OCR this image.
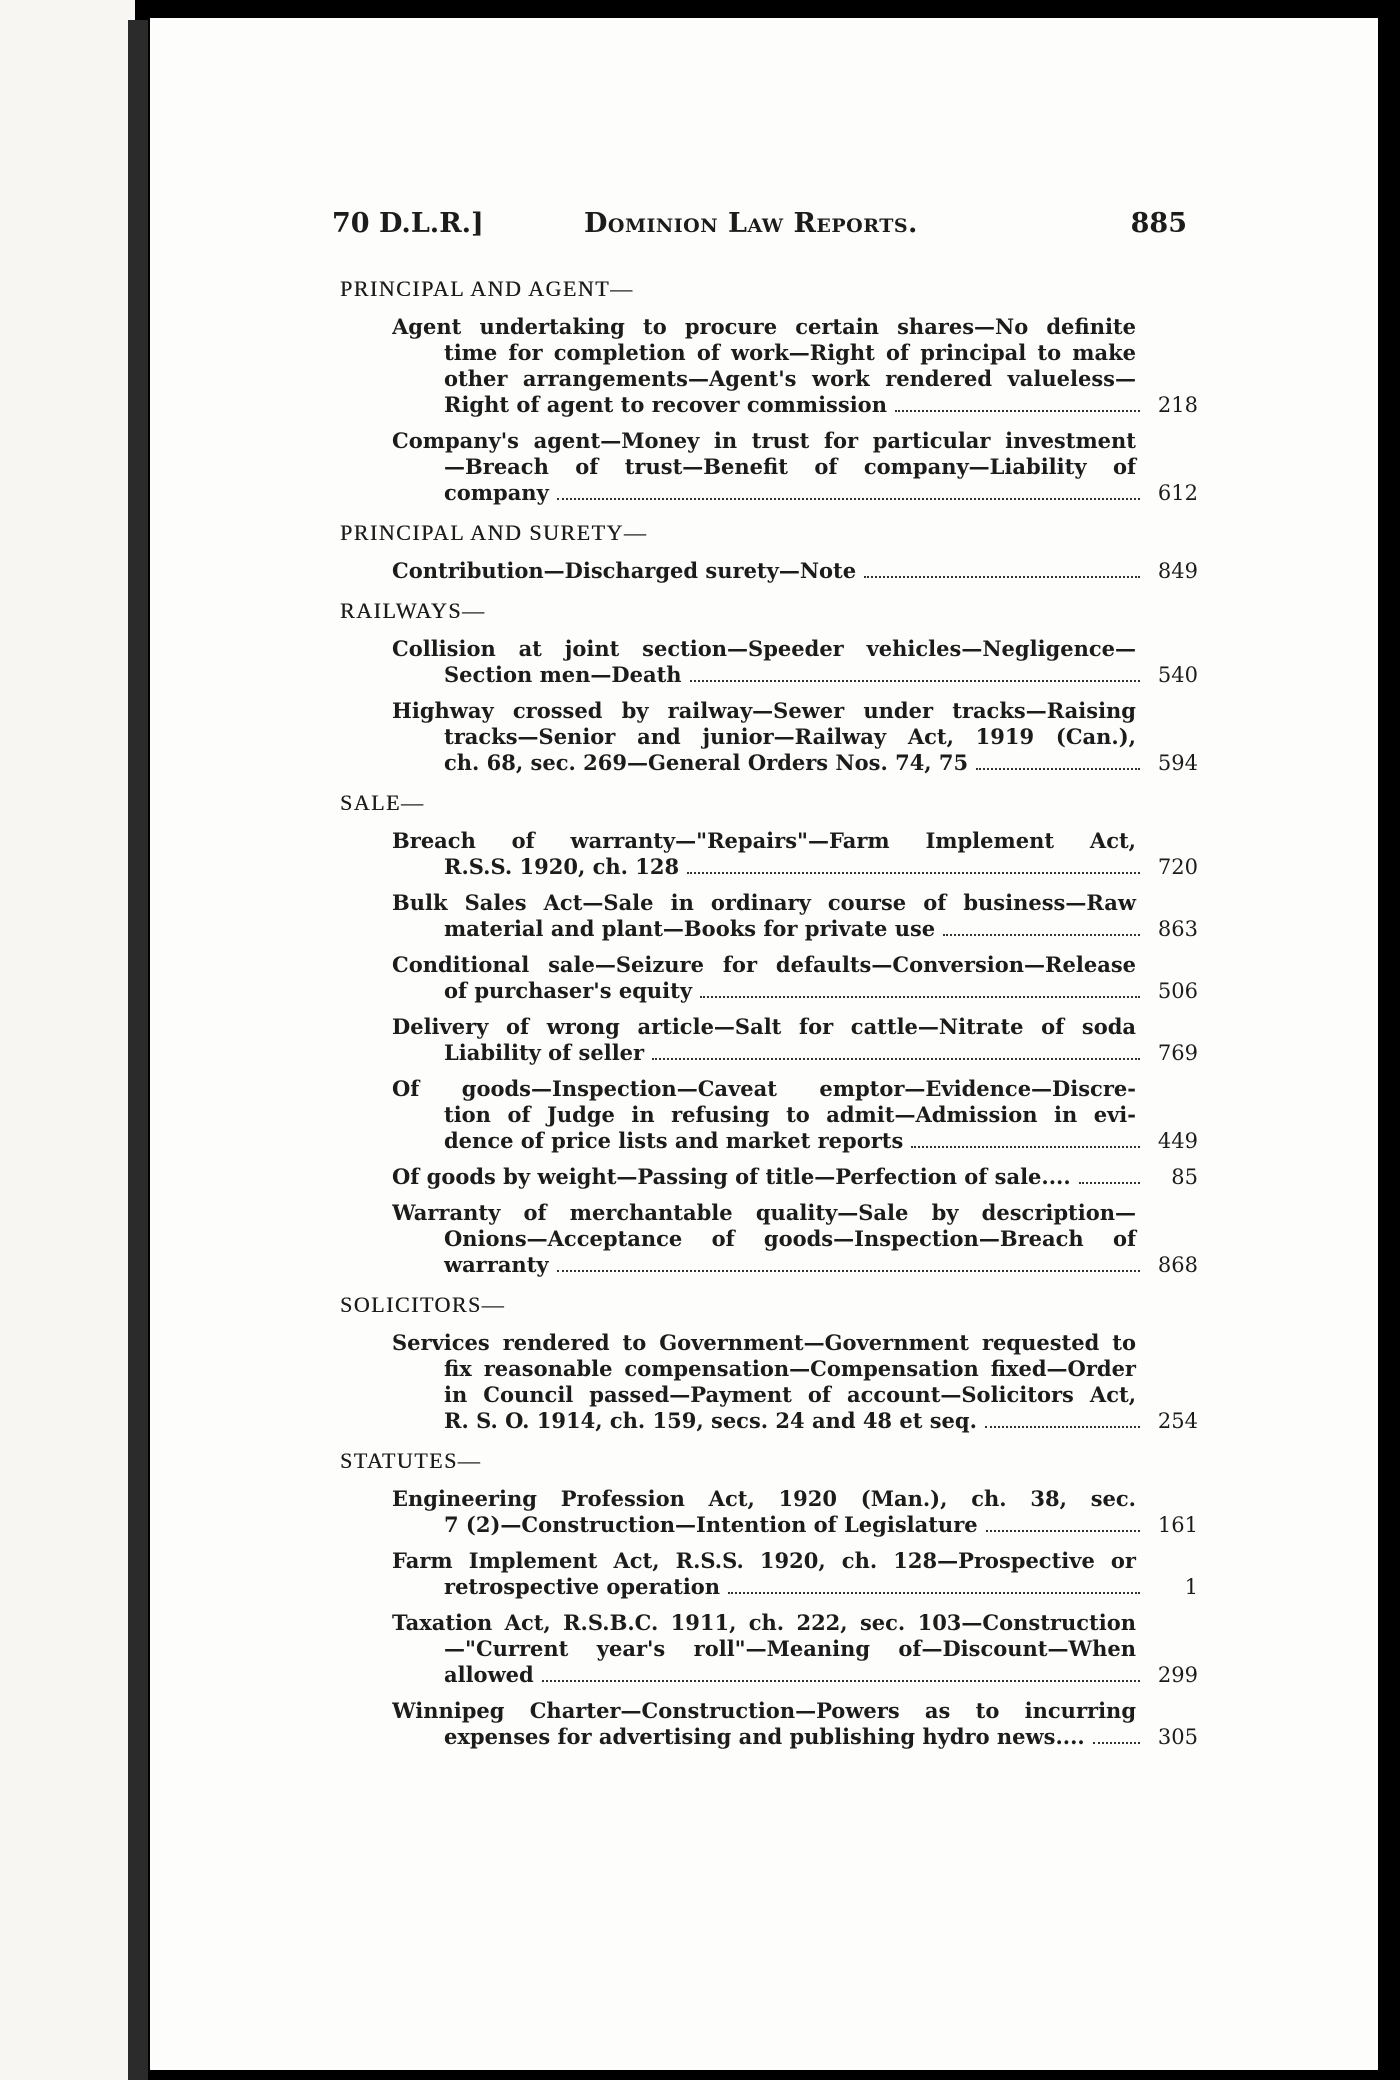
70 D.L.R.]	Dominion Law Reports.	885
PRINCIPAL AND AGENT—
Agent undertaking to procure certain shares—No definite
time for completion of work—Right of principal to make
other arrangements—Agent's work rendered valueless—
Right of agent to recover commission	218
Company's agent—Money in trust for particular investment
—Breach of trust—Benefit of company—Liability of
company	612
PRINCIPAL AND SURETY—
Contribution—Discharged surety—Note	849
RAILWAYS—
Collision at joint section—Speeder vehicles—Negligence—
Section men—Death	540
Highway crossed by railway—Sewer under tracks—Raising
tracks—Senior and junior—Railway Act, 1919 (Can.),
ch. 68, sec. 269—General Orders Nos. 74, 75	594
SALE—
Breach of warranty—"Repairs"—Farm Implement Act,
R.S.S. 1920, ch. 128	720
Bulk Sales Act—Sale in ordinary course of business—Raw
material and plant—Books for private use	863
Conditional sale—Seizure for defaults—Conversion—Release
of purchaser's equity	506
Delivery of wrong article—Salt for cattle—Nitrate of soda
Liability of seller	769
Of goods—Inspection—Caveat emptor—Evidence—Discre-
tion of Judge in refusing to admit—Admission in evi-
dence of price lists and market reports	449
Of goods by weight—Passing of title—Perfection of sale....	85
Warranty of merchantable quality—Sale by description—
Onions—Acceptance of goods—Inspection—Breach of
warranty	868
SOLICITORS—
Services rendered to Government—Government requested to
fix reasonable compensation—Compensation fixed—Order
in Council passed—Payment of account—Solicitors Act,
R. S. O. 1914, ch. 159, secs. 24 and 48 et seq.	254
STATUTES—
Engineering Profession Act, 1920 (Man.), ch. 38, sec.
7 (2)—Construction—Intention of Legislature	161
Farm Implement Act, R.S.S. 1920, ch. 128—Prospective or
retrospective operation	1
Taxation Act, R.S.B.C. 1911, ch. 222, sec. 103—Construction
—"Current year's roll"—Meaning of—Discount—When
allowed	299
Winnipeg Charter—Construction—Powers as to incurring
expenses for advertising and publishing hydro news....	305
